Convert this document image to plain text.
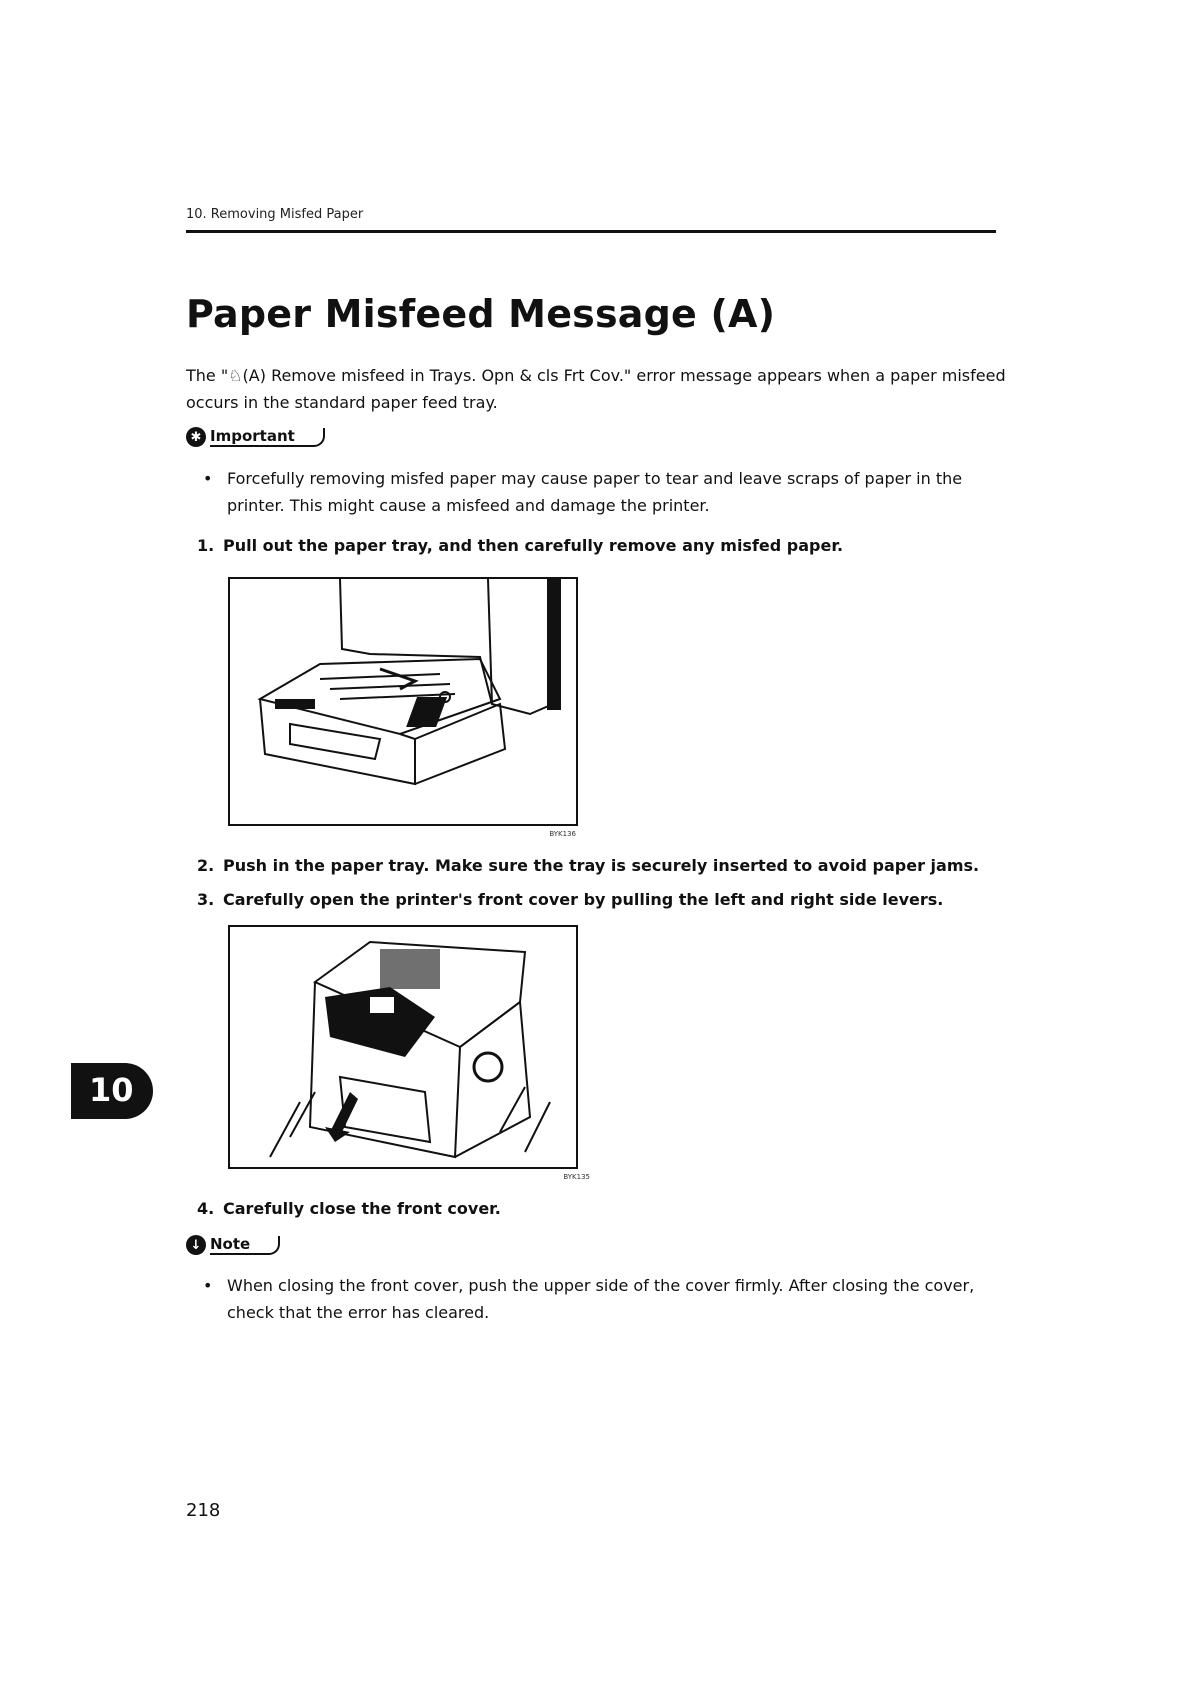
10. Removing Misfed Paper
Paper Misfeed Message (A)
The "♘(A) Remove misfeed in Trays. Opn & cls Frt Cov." error message appears when a paper misfeed occurs in the standard paper feed tray.
✱ Important
• Forcefully removing misfed paper may cause paper to tear and leave scraps of paper in the printer. This might cause a misfeed and damage the printer.
1. Pull out the paper tray, and then carefully remove any misfed paper.
BYK136
2. Push in the paper tray. Make sure the tray is securely inserted to avoid paper jams.
3. Carefully open the printer's front cover by pulling the left and right side levers.
BYK135
4. Carefully close the front cover.
↓ Note
• When closing the front cover, push the upper side of the cover firmly. After closing the cover, check that the error has cleared.
10
218
